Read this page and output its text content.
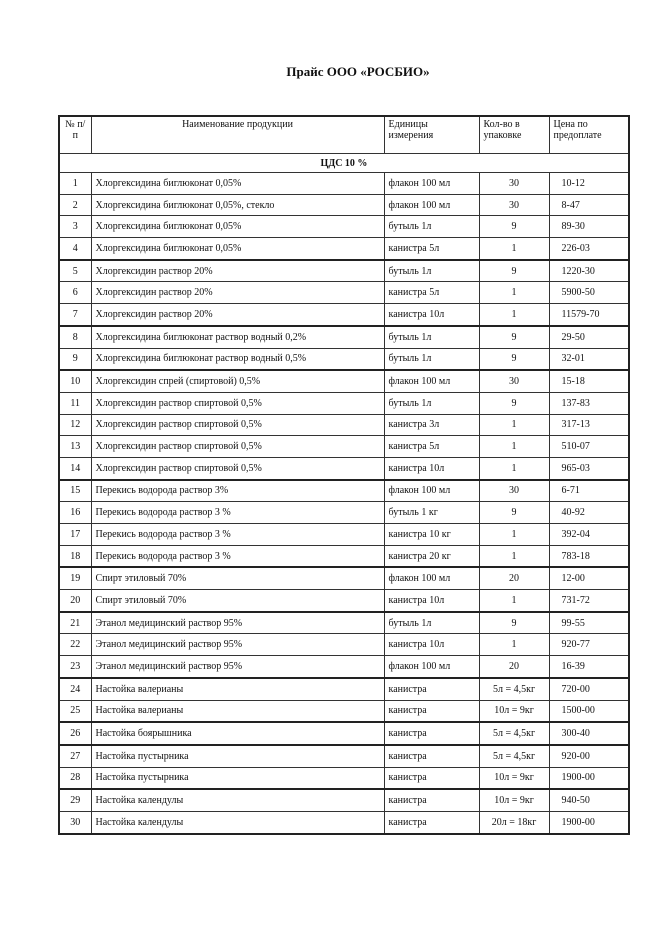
Прайс ООО «РОСБИО»
№ п/п	Наименование продукции	Единицы измерения	Кол-во в упаковке	Цена по предоплате
ЦДС 10 %				
1	Хлоргексидина биглюконат 0,05%	флакон 100 мл	30	10-12
2	Хлоргексидина биглюконат 0,05%, стекло	флакон 100 мл	30	8-47
3	Хлоргексидина биглюконат 0,05%	бутыль 1л	9	89-30
4	Хлоргексидина биглюконат 0,05%	канистра 5л	1	226-03
5	Хлоргексидин раствор 20%	бутыль 1л	9	1220-30
6	Хлоргексидин раствор 20%	канистра 5л	1	5900-50
7	Хлоргексидин раствор 20%	канистра 10л	1	11579-70
8	Хлоргексидина биглюконат раствор водный 0,2%	бутыль 1л	9	29-50
9	Хлоргексидина биглюконат раствор водный 0,5%	бутыль 1л	9	32-01
10	Хлоргексидин спрей (спиртовой) 0,5%	флакон 100 мл	30	15-18
11	Хлоргексидин раствор спиртовой 0,5%	бутыль 1л	9	137-83
12	Хлоргексидин раствор спиртовой 0,5%	канистра 3л	1	317-13
13	Хлоргексидин раствор спиртовой 0,5%	канистра 5л	1	510-07
14	Хлоргексидин раствор спиртовой 0,5%	канистра 10л	1	965-03
15	Перекись водорода раствор 3%	флакон 100 мл	30	6-71
16	Перекись водорода раствор 3 %	бутыль 1 кг	9	40-92
17	Перекись водорода раствор 3 %	канистра 10 кг	1	392-04
18	Перекись водорода раствор 3 %	канистра 20 кг	1	783-18
19	Спирт этиловый 70%	флакон 100 мл	20	12-00
20	Спирт этиловый 70%	канистра 10л	1	731-72
21	Этанол медицинский раствор 95%	бутыль 1л	9	99-55
22	Этанол медицинский раствор 95%	канистра 10л	1	920-77
23	Этанол медицинский раствор 95%	флакон 100 мл	20	16-39
24	Настойка валерианы	канистра	5л = 4,5кг	720-00
25	Настойка валерианы	канистра	10л = 9кг	1500-00
26	Настойка боярышника	канистра	5л = 4,5кг	300-40
27	Настойка пустырника	канистра	5л = 4,5кг	920-00
28	Настойка пустырника	канистра	10л = 9кг	1900-00
29	Настойка календулы	канистра	10л = 9кг	940-50
30	Настойка календулы	канистра	20л = 18кг	1900-00
